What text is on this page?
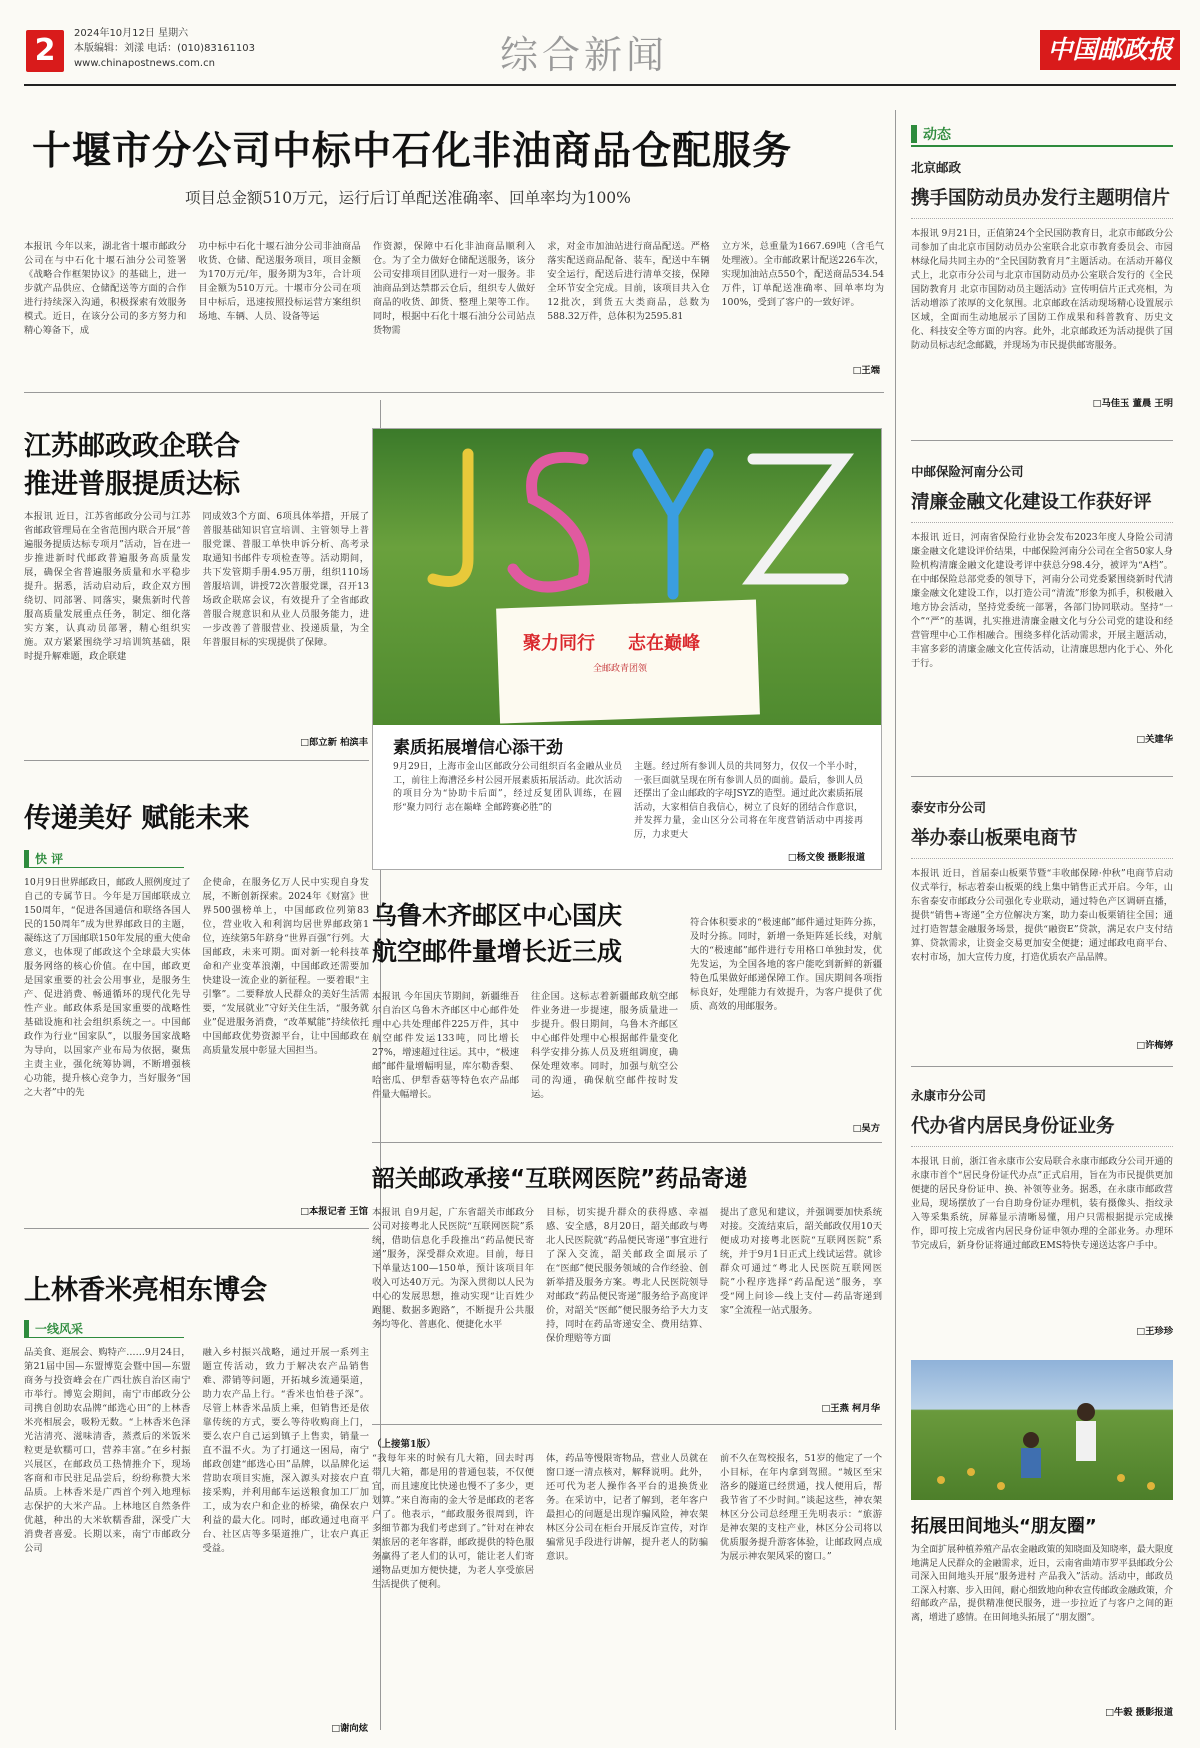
2	2024年10月12日 星期六
本版编辑：刘漾 电话：(010)83161103
www.chinapostnews.com.cn	综合新闻	中国邮政报
十堰市分公司中标中石化非油商品仓配服务
项目总金额510万元，运行后订单配送准确率、回单率均为100%
本报讯 今年以来，湖北省十堰市邮政分公司在与中石化十堰石油分公司签署《战略合作框架协议》的基础上，进一步就产品供应、仓储配送等方面的合作进行持续深入沟通，积极探索有效服务模式。近日，在该分公司的多方努力和精心筹备下，成
功中标中石化十堰石油分公司非油商品收货、仓储、配送服务项目，项目金额为170万元/年，服务期为3年，合计项目金额为510万元。十堰市分公司在项目中标后，迅速按照投标运营方案组织场地、车辆、人员、设备等运
作资源，保障中石化非油商品顺利入仓。为了全力做好仓储配送服务，该分公司安排项目团队进行一对一服务。非油商品到达禁郡云仓后，组织专人做好商品的收货、卸货、整理上架等工作。同时，根据中石化十堰石油分公司站点货物需
求，对金市加油站进行商品配送。严格落实配送商品配备、装车，配送中车辆安全运行，配送后进行清单交接，保障全环节安全完成。目前，该项目共入仓12批次，到货五大类商品，总数为588.32万件，总体积为2595.81
立方米，总重量为1667.69吨（含毛气处理液）。全市邮政累计配送226车次，实现加油站点550个，配送商品534.54万件，订单配送准确率、回单率均为100%，受到了客户的一致好评。
□王端
江苏邮政政企联合
推进普服提质达标
本报讯 近日，江苏省邮政分公司与江苏省邮政管理局在全省范围内联合开展“普遍服务提质达标专项月”活动，旨在进一步推进新时代邮政普遍服务高质量发展，确保全省普遍服务质量和水平稳步提升。据悉，活动启动后，政企双方围绕切、同部署、同落实，聚焦新时代普服高质量发展重点任务，制定、细化落实方案，认真动员部署，精心组织实施。双方紧紧围绕学习培训筑基础，限时提升解难题，政企联建
同成效3个方面、6项具体举措，开展了普服基础知识官宣培训、主管领导上普服党课、普服工单快申诉分析、高考录取通知书邮件专项检查等。活动期间，共下发管期手册4.95万册，组织110场普服培训，讲授72次普服党课，召开13场政企联席会议，有效提升了全省邮政普服合规意识和从业人员服务能力，进一步改善了普服营业、投递质量，为全年普服目标的实现提供了保障。
□郎立新 柏滨丰
传递美好 赋能未来
快 评
10月9日世界邮政日，邮政人照例度过了自己的专属节日。今年是万国邮联成立150周年，“促进各国通信和联络各国人民的150周年”成为世界邮政日的主题，凝练这了万国邮联150年发展的重大使命意义，也体现了邮政这个全球最大实体服务网络的核心价值。在中国，邮政更是国家重要的社会公用事业，是服务生产、促进消费、畅通循环的现代化先导性产业。邮政体系是国家重要的战略性基础设施和社会组织系统之一。中国邮政作为行业“国家队”，以服务国家战略为导向，以国家产业布局为依据，聚焦主责主业，强化统筹协调，不断增强核心功能，提升核心竞争力，当好服务“国之大者”中的先
企使命，在服务亿万人民中实现自身发展，不断创新探索。2024年《财富》世界500强榜单上，中国邮政位列第83位，营业收入和利润均居世界邮政第1位，连续第5年跻身“世界百强”行列。大国邮政，未来可期。面对新一轮科技革命和产业变革浪潮，中国邮政还需要加快建设一流企业的新征程。一要着眼“主引擎”。二要释放人民群众的美好生活需要，“发展就业”守好关住生活，“服务就业”促进服务消费，“改革赋能”持续依托中国邮政优势资源平台，让中国邮政在高质量发展中彰显大国担当。
□本报记者 王馆
上林香米亮相东博会
一线风采
品美食、逛展会、购特产……9月24日，第21届中国—东盟博览会暨中国—东盟商务与投资峰会在广西壮族自治区南宁市举行。博览会期间，南宁市邮政分公司携自创助农品牌“邮选心田”的上林香米亮相展会，吸粉无数。“上林香米色泽光洁清亮、滋味清香，蒸煮后的米饭米粒更是软糯可口，营养丰富。”在乡村振兴展区，在邮政员工热情推介下，现场客商和市民驻足品尝后，纷纷称赞大米品质。上林香米是广西首个列入地理标志保护的大米产品。上林地区自然条件优越，种出的大米软糯香甜，深受广大消费者喜爱。长期以来，南宁市邮政分公司
融入乡村振兴战略，通过开展一系列主题宣传活动，致力于解决农产品销售难、滞销等问题，开拓城乡流通渠道，助力农产品上行。“香米也怕巷子深”。尽管上林香米品质上乘，但销售还是依靠传统的方式，要么等待收购商上门，要么农户自己运到镇子上售卖，销量一直不温不火。为了打通这一困局，南宁邮政创建“邮选心田”品牌，以品牌化运营助农项目实施，深入源头对接农户直接采购，并利用邮车运送粮食加工厂加工，成为农户和企业的桥梁，确保农户利益的最大化。同时，邮政通过电商平台、社区店等多渠道推广，让农户真正受益。
□谢向炫
聚力同行 志在巅峰
全邮政青团领
素质拓展增信心添干劲
9月29日，上海市金山区邮政分公司组织百名金融从业员工，前往上海漕泾乡村公园开展素质拓展活动。此次活动的项目分为“协助卡后面”，经过反复团队训练，在圆形“聚力同行 志在巅峰 全邮跨赛必胜”的
主题。经过所有参训人员的共同努力，仅仅一个半小时，一张巨面就呈现在所有参训人员的面前。最后，参训人员还摆出了金山邮政的字母JSYZ的造型。通过此次素质拓展活动，大家相信自我信心，树立了良好的团结合作意识，并发挥力量，金山区分公司将在年度营销活动中再接再厉，力求更大
□杨文俊 摄影报道
乌鲁木齐邮区中心国庆
航空邮件量增长近三成
符合体积要求的“极速邮”邮件通过矩阵分拣，及时分拣。同时，新增一条矩阵延长线，对航大的“极速邮”邮件进行专用格口单独封发，优先发运，为全国各地的客户能吃到新鲜的新疆特色瓜果做好邮递保障工作。国庆期间各项指标良好，处理能力有效提升，为客户提供了优质、高效的用邮服务。
本报讯 今年国庆节期间，新疆维吾尔自治区乌鲁木齐邮区中心邮件处理中心共处理邮件225万件，其中航空邮件发运133吨，同比增长27%，增速超过往运。其中，“极速邮”邮件量增幅明显，库尔勒香梨、哈密瓜、伊犁香菇等特色农产品邮件量大幅增长。
往企国。这标志着新疆邮政航空邮件业务进一步提速，服务质量进一步提升。假日期间，乌鲁木齐邮区中心邮件处理中心根据邮件量变化科学安排分拣人员及班组调度，确保处理效率。同时，加强与航空公司的沟通，确保航空邮件按时发运。
□吴方
韶关邮政承接“互联网医院”药品寄递
本报讯 自9月起，广东省韶关市邮政分公司对接粤北人民医院“互联网医院”系统，借助信息化手段推出“药品便民寄递”服务，深受群众欢迎。目前，每日下单量达100—150单，预计该项目年收入可达40万元。为深入贯彻以人民为中心的发展思想，推动实现“让百姓少跑腿、数据多跑路”，不断提升公共服务均等化、普惠化、便捷化水平
目标，切实提升群众的获得感、幸福感、安全感，8月20日，韶关邮政与粤北人民医院就“药品便民寄递”事宜进行了深入交流，韶关邮政全面展示了在“医邮”便民服务领域的合作经验、创新举措及服务方案。粤北人民医院领导对邮政“药品便民寄递”服务给予高度评价，对韶关“医邮”便民服务给予大力支持，同时在药品寄递安全、费用结算、保价理赔等方面
提出了意见和建议，并强调要加快系统对接。交流结束后，韶关邮政仅用10天便成功对接粤北医院“互联网医院”系统，并于9月1日正式上线试运营。就诊群众可通过“粤北人民医院互联网医院”小程序选择“药品配送”服务，享受“网上问诊—线上支付—药品寄递到家”全流程一站式服务。
□王燕 柯月华
（上接第1版）
“我每年来的时候有几大箱，回去时再带几大箱，都是用的普通包装，不仅便宜，而且速度比快递也慢不了多少，更划算。”来自海南的金大爷是邮政的老客户了。他表示，“邮政服务很周到，许多细节都为我们考虑到了。”针对在神农架旅居的老年客群，邮政提供的特色服务赢得了老人们的认可，能让老人们寄递物品更加方便快捷，为老人享受旅居生活提供了便利。
体，药品等慢限寄物品，营业人员就在窗口逐一清点核对，解释说明。此外，还可代为老人操作各平台的退换货业务。在采访中，记者了解到，老年客户最担心的问题是出现诈骗风险，神农架林区分公司在柜台开展反诈宣传，对诈骗常见手段进行讲解，提升老人的防骗意识。
前不久在驾校报名，51岁的他定了一个小目标，在年内拿到驾照。“城区至宋洛乡的隧道已经贯通，找人便用后，帮我节省了不少时间。”谈起这些，神农架林区分公司总经理王先明表示：“旅游是神农架的支柱产业，林区分公司将以优质服务提升游客体验，让邮政网点成为展示神农架风采的窗口。”
动态
北京邮政
携手国防动员办发行主题明信片
本报讯 9月21日，正值第24个全民国防教育日，北京市邮政分公司参加了由北京市国防动员办公室联合北京市教育委员会、市园林绿化局共同主办的“全民国防教育月”主题活动。在活动开幕仪式上，北京市分公司与北京市国防动员办公室联合发行的《全民国防教育月 北京市国防动员主题活动》宣传明信片正式亮相，为活动增添了浓厚的文化氛围。北京邮政在活动现场精心设置展示区域，全面而生动地展示了国防工作成果和科普教育、历史文化、科技安全等方面的内容。此外，北京邮政还为活动提供了国防动员标志纪念邮戳，并现场为市民提供邮寄服务。
□马佳玉 董晨 王明
中邮保险河南分公司
清廉金融文化建设工作获好评
本报讯 近日，河南省保险行业协会发布2023年度人身险公司清廉金融文化建设评价结果，中邮保险河南分公司在全省50家人身险机构清廉金融文化建设考评中获总分98.4分，被评为“A档”。在中邮保险总部党委的领导下，河南分公司党委紧围绕新时代清廉金融文化建设工作，以打造公司“清流”形象为抓手，积极融入地方协会活动，坚持党委统一部署，各部门协同联动。坚持“一个”“严”的基调，扎实推进清廉金融文化与分公司党的建设和经营管理中心工作相融合。围绕多样化活动需求，开展主题活动，丰富多彩的清廉金融文化宣传活动，让清廉思想内化于心、外化于行。
□关建华
泰安市分公司
举办泰山板栗电商节
本报讯 近日，首届泰山板栗节暨“丰收邮保障·仲秋”电商节启动仪式举行，标志着泰山板栗的线上集中销售正式开启。今年，山东省泰安市邮政分公司强化专业联动，通过特色产区调研直播，提供“销售+寄递”全方位解决方案，助力泰山板栗销往全国；通过打造智慧金融服务场景，提供“融资E”贷款，满足农户支付结算、贷款需求，让资金交易更加安全便捷；通过邮政电商平台、农村市场，加大宣传力度，打造优质农产品品牌。
□许梅婷
永康市分公司
代办省内居民身份证业务
本报讯 日前，浙江省永康市公安局联合永康市邮政分公司开通的永康市首个“居民身份证代办点”正式启用，旨在为市民提供更加便捷的居民身份证申、换、补领等业务。据悉，在永康市邮政营业局，现场摆放了一台自助身份证办理机，装有摄像头、指纹录入等采集系统，屏幕显示清晰易懂，用户只需根据提示完成操作，即可按上完成省内居民身份证申领办理的全部业务。办理环节完成后，新身份证将通过邮政EMS特快专递送达客户手中。
□王珍珍
拓展田间地头“朋友圈”
为全面扩展种植养殖产品农金融政策的知晓面及知晓率，最大限度地满足人民群众的金融需求，近日，云南省曲靖市罗平县邮政分公司深入田间地头开展“服务进村 产品我入”活动。活动中，邮政员工深入村寨、步入田间，耐心细致地向种农宣传邮政金融政策，介绍邮政产品，提供精准便民服务，进一步拉近了与客户之间的距离，增进了感情。在田间地头拓展了“朋友圈”。
□牛毅 摄影报道
